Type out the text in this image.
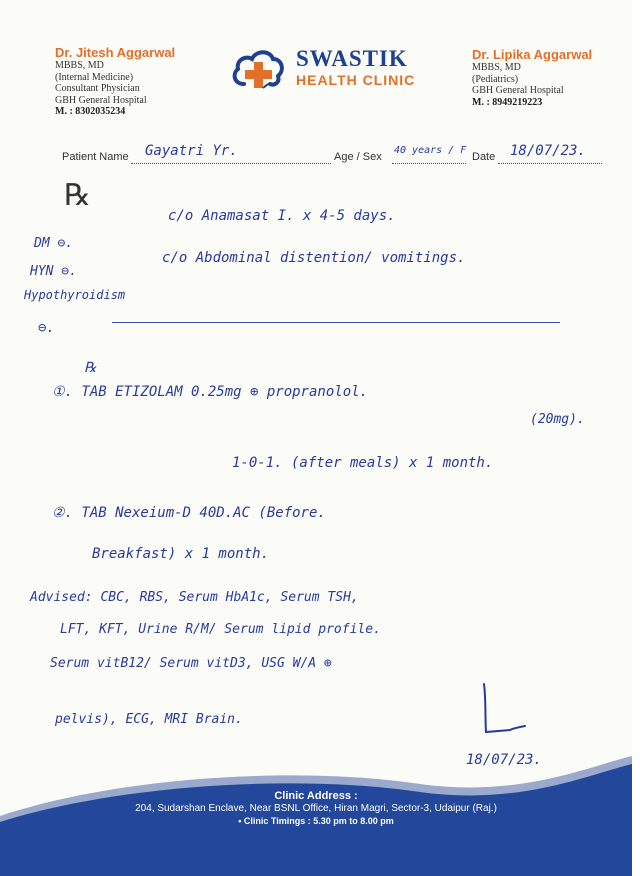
Dr. Jitesh Aggarwal
MBBS, MD
(Internal Medicine)
Consultant Physician
GBH General Hospital
M. : 8302035234
SWASTIK
HEALTH CLINIC
Dr. Lipika Aggarwal
MBBS, MD
(Pediatrics)
GBH General Hospital
M. : 8949219223
Patient Name Gayatri Yr.	Age / Sex
40 years / F
Date 18/07/23.
℞
c/o Anamasat I. x 4-5 days.
c/o Abdominal distention/ vomitings.
DM ⊖.
HYN ⊖.
Hypothyroidism
⊖.
℞
①. TAB ETIZOLAM 0.25mg ⊕ propranolol.
(20mg).
1-0-1. (after meals) x 1 month.
②. TAB Nexeium-D 40D.AC (Before.
Breakfast) x 1 month.
Advised: CBC, RBS, Serum HbA1c, Serum TSH,
LFT, KFT, Urine R/M/ Serum lipid profile.
Serum vitB12/ Serum vitD3, USG W/A ⊕
pelvis), ECG, MRI Brain.
18/07/23.
Clinic Address :
204, Sudarshan Enclave, Near BSNL Office, Hiran Magri, Sector-3, Udaipur (Raj.)
• Clinic Timings : 5.30 pm to 8.00 pm
